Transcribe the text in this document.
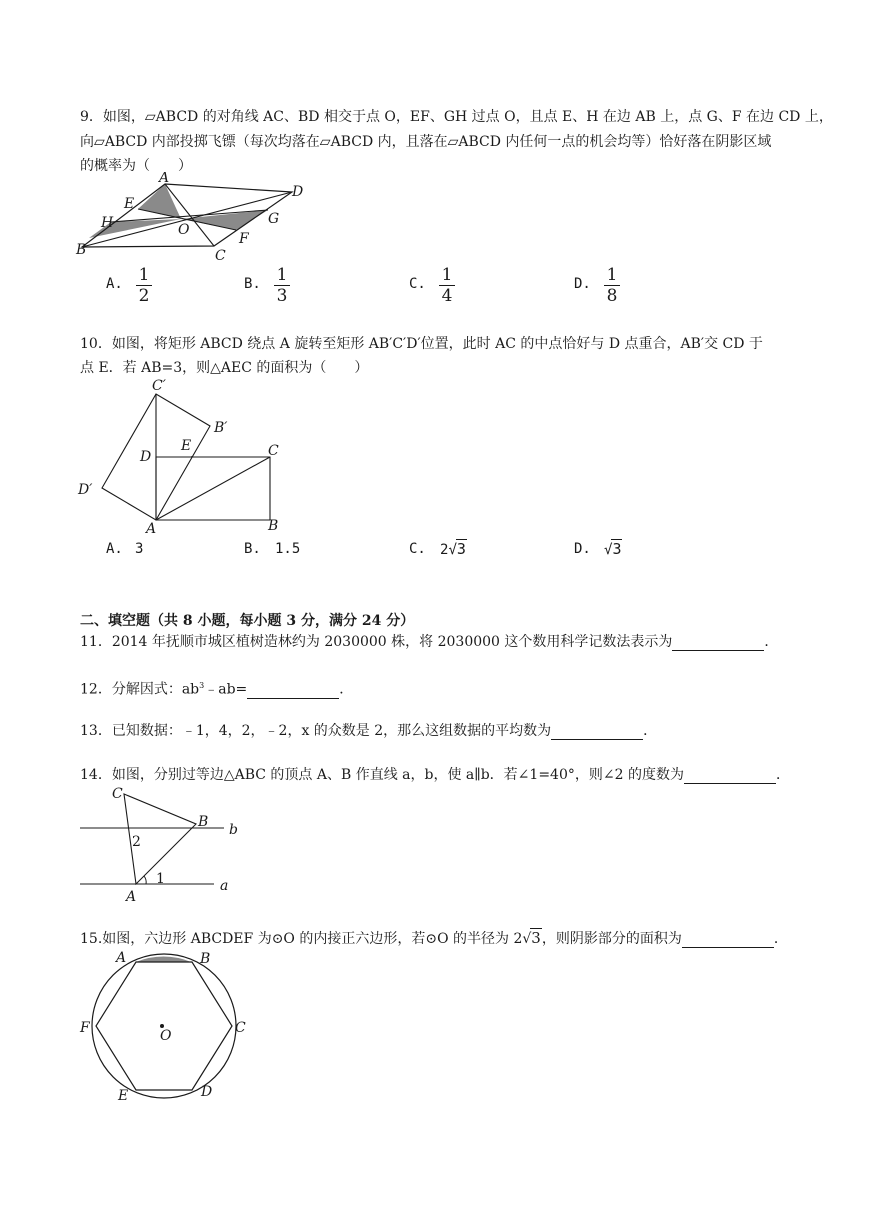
9．如图，▱ABCD 的对角线 AC、BD 相交于点 O，EF、GH 过点 O，且点 E、H 在边 AB 上，点 G、F 在边 CD 上，
向▱ABCD 内部投掷飞镖（每次均落在▱ABCD 内，且落在▱ABCD 内任何一点的机会均等）恰好落在阴影区域
的概率为（　　）
A
B	C
D
E
F
G
H	O
A. 1
2
B. 1
3
C. 1
4
D. 1
8
10．如图，将矩形 ABCD 绕点 A 旋转至矩形 AB′C′D′位置，此时 AC 的中点恰好与 D 点重合，AB′交 CD 于
点 E．若 AB=3，则△AEC 的面积为（　　）
C′
B′
E
D	C
D′
A	B
A. 3	B. 1.5	C. 2√3	D. √3
二、填空题（共 8 小题，每小题 3 分，满分 24 分）
11．2014 年抚顺市城区植树造林约为 2030000 株，将 2030000 这个数用科学记数法表示为	．
12．分解因式：$ab^3﹣ab=$	．
13．已知数据：﹣1，4，2，﹣2，x 的众数是 2，那么这组数据的平均数为	．
14．如图，分别过等边△ABC 的顶点 A、B 作直线 a，b，使 a∥b．若∠1=40°，则∠2 的度数为	．
C
B
A
b
a
1
2
15.如图，六边形 ABCDEF 为⊙O 的内接正六边形，若⊙O 的半径为 2√3，则阴影部分的面积为	．
A	B
C
D
E
F	O
